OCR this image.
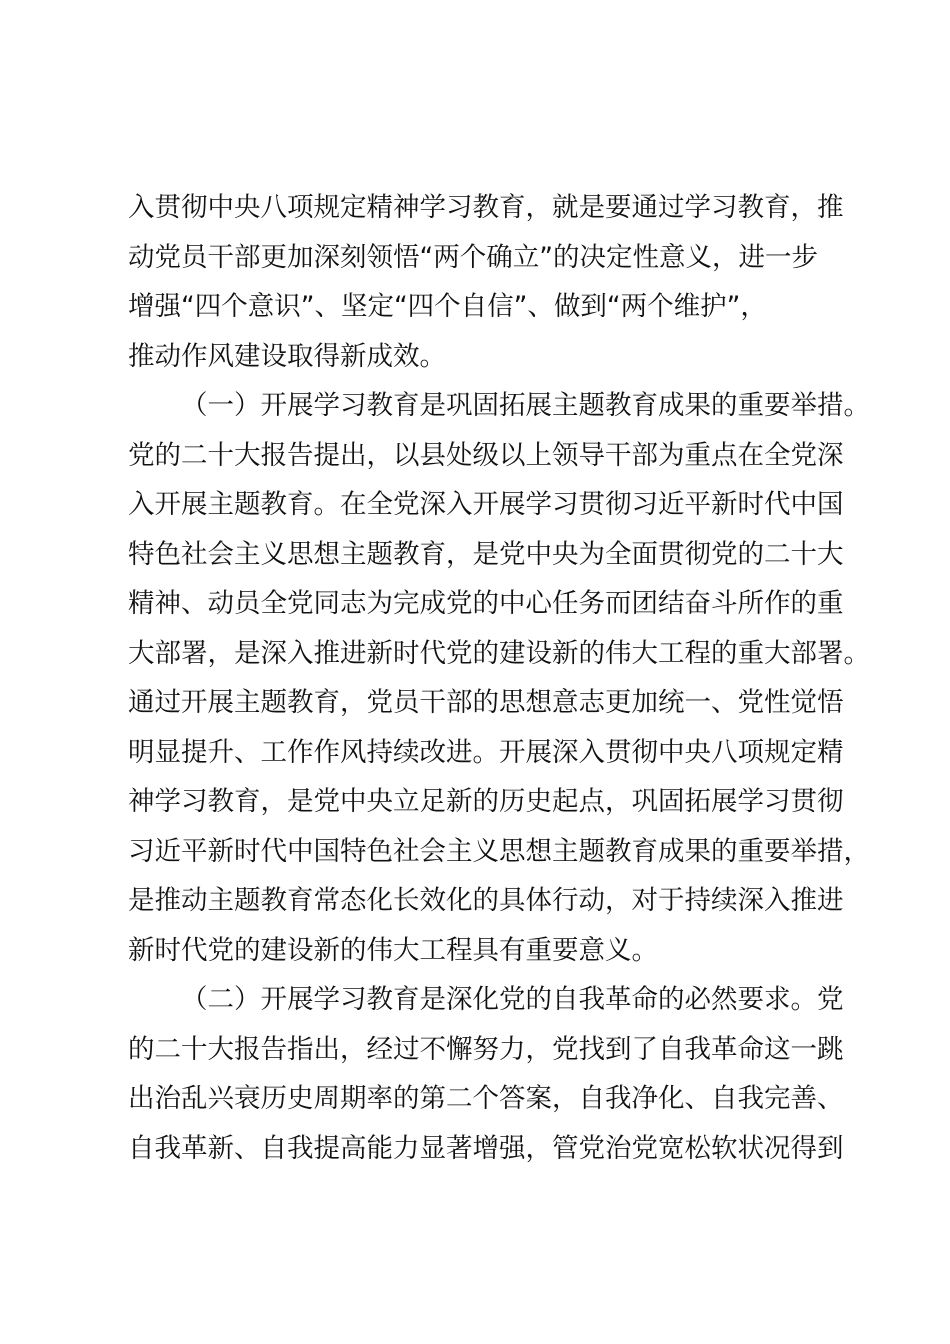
入贯彻中央八项规定精神学习教育，就是要通过学习教育，推
动党员干部更加深刻领悟“两个确立”的决定性意义，进一步
增强“四个意识”、坚定“四个自信”、做到“两个维护”，
推动作风建设取得新成效。
（一）开展学习教育是巩固拓展主题教育成果的重要举措。
党的二十大报告提出，以县处级以上领导干部为重点在全党深
入开展主题教育。在全党深入开展学习贯彻习近平新时代中国
特色社会主义思想主题教育，是党中央为全面贯彻党的二十大
精神、动员全党同志为完成党的中心任务而团结奋斗所作的重
大部署，是深入推进新时代党的建设新的伟大工程的重大部署。
通过开展主题教育，党员干部的思想意志更加统一、党性觉悟
明显提升、工作作风持续改进。开展深入贯彻中央八项规定精
神学习教育，是党中央立足新的历史起点，巩固拓展学习贯彻
习近平新时代中国特色社会主义思想主题教育成果的重要举措，
是推动主题教育常态化长效化的具体行动，对于持续深入推进
新时代党的建设新的伟大工程具有重要意义。
（二）开展学习教育是深化党的自我革命的必然要求。党
的二十大报告指出，经过不懈努力，党找到了自我革命这一跳
出治乱兴衰历史周期率的第二个答案，自我净化、自我完善、
自我革新、自我提高能力显著增强，管党治党宽松软状况得到
